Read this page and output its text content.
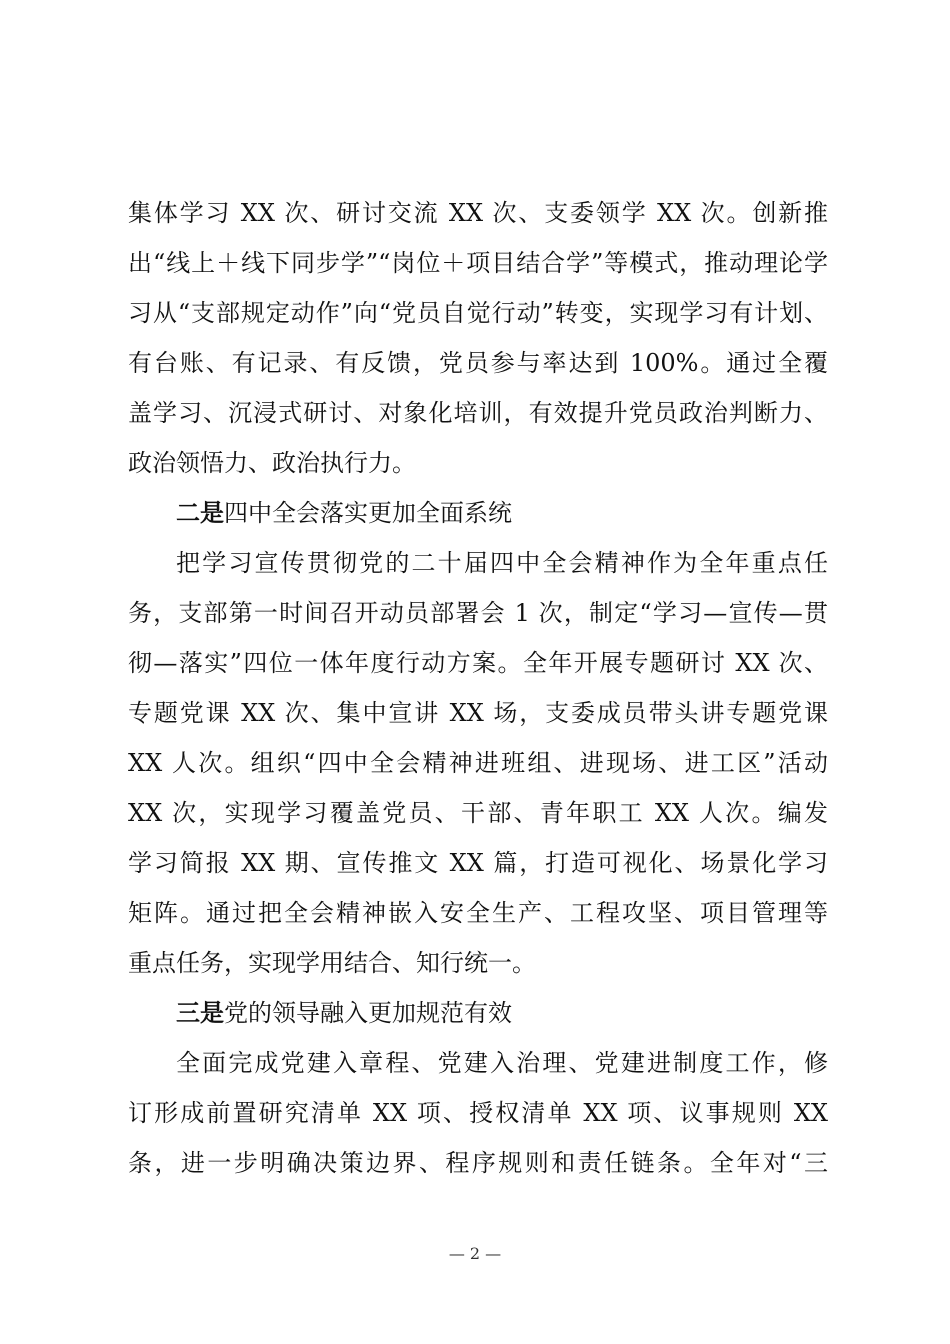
集体学习 XX 次、研讨交流 XX 次、支委领学 XX 次。创新推
出“线上＋线下同步学”“岗位＋项目结合学”等模式，推动理论学
习从“支部规定动作”向“党员自觉行动”转变，实现学习有计划、
有台账、有记录、有反馈，党员参与率达到 100%。通过全覆
盖学习、沉浸式研讨、对象化培训，有效提升党员政治判断力、
政治领悟力、政治执行力。
二是四中全会落实更加全面系统
把学习宣传贯彻党的二十届四中全会精神作为全年重点任
务，支部第一时间召开动员部署会 1 次，制定“学习—宣传—贯
彻—落实”四位一体年度行动方案。全年开展专题研讨 XX 次、
专题党课 XX 次、集中宣讲 XX 场，支委成员带头讲专题党课
XX 人次。组织“四中全会精神进班组、进现场、进工区”活动
XX 次，实现学习覆盖党员、干部、青年职工 XX 人次。编发
学习简报 XX 期、宣传推文 XX 篇，打造可视化、场景化学习
矩阵。通过把全会精神嵌入安全生产、工程攻坚、项目管理等
重点任务，实现学用结合、知行统一。
三是党的领导融入更加规范有效
全面完成党建入章程、党建入治理、党建进制度工作，修
订形成前置研究清单 XX 项、授权清单 XX 项、议事规则 XX
条，进一步明确决策边界、程序规则和责任链条。全年对“三
— 2 —
